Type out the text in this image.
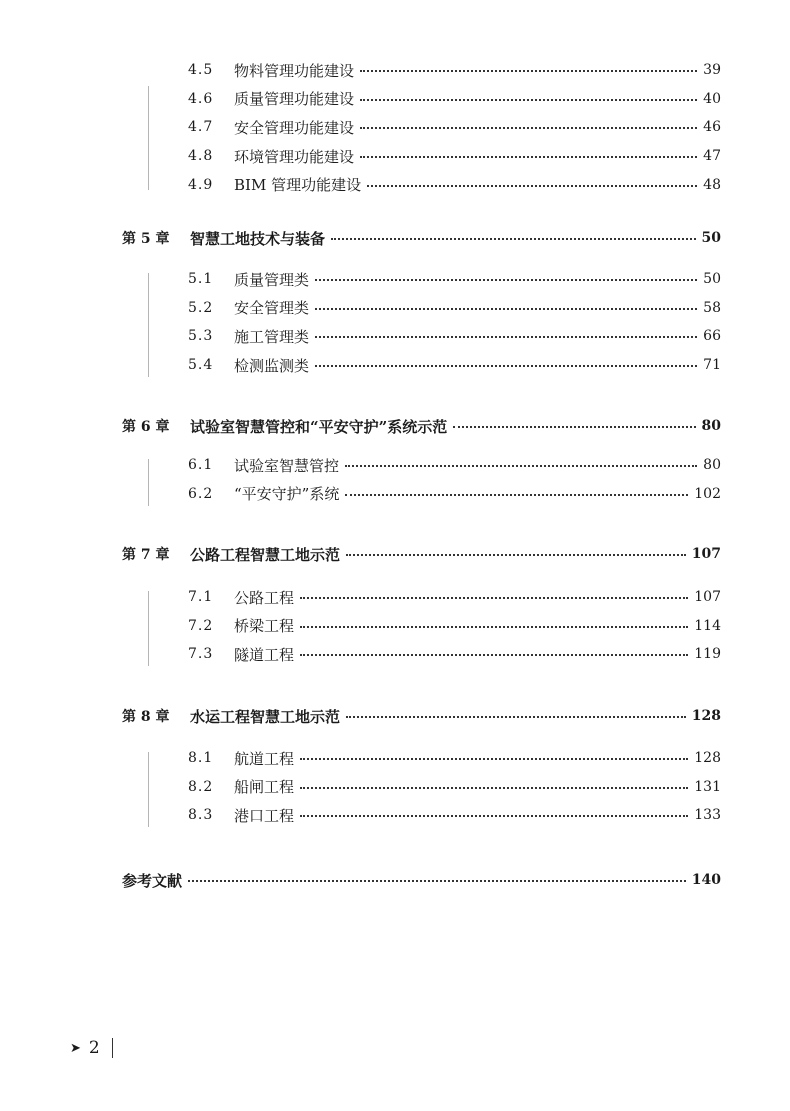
4.5	物料管理功能建设	39
4.6	质量管理功能建设	40
4.7	安全管理功能建设	46
4.8	环境管理功能建设	47
4.9	BIM 管理功能建设	48
第 5 章	智慧工地技术与装备	50
5.1	质量管理类	50
5.2	安全管理类	58
5.3	施工管理类	66
5.4	检测监测类	71
第 6 章	试验室智慧管控和“平安守护”系统示范	80
6.1	试验室智慧管控	80
6.2	“平安守护”系统	102
第 7 章	公路工程智慧工地示范	107
7.1	公路工程	107
7.2	桥梁工程	114
7.3	隧道工程	119
第 8 章	水运工程智慧工地示范	128
8.1	航道工程	128
8.2	船闸工程	131
8.3	港口工程	133
参考文献	140
➤ 2
